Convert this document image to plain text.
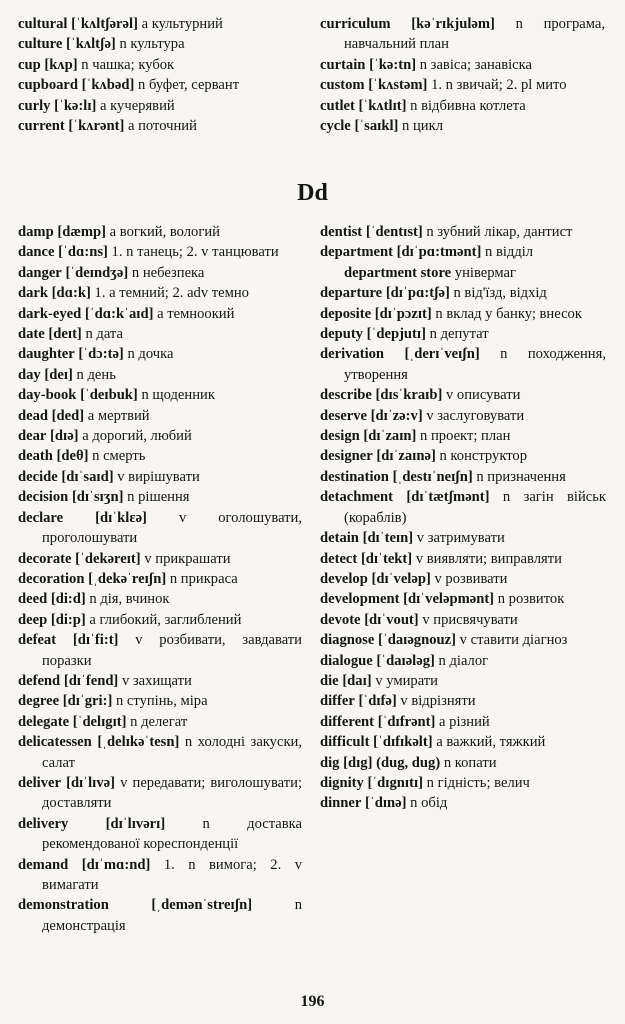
cultural [ˈkʌltʃərəl] a культурний
culture [ˈkʌltʃə] n культура
cup [kʌp] n чашка; кубок
cupboard [ˈkʌbəd] n буфет, сервант
curly [ˈkə:lɪ] a кучерявий
current [ˈkʌrənt] a поточний
curriculum [kəˈrɪkjuləm] n програма, навчальний план
curtain [ˈkə:tn] n завіса; занавіска
custom [ˈkʌstəm] 1. n звичай; 2. pl мито
cutlet [ˈkʌtlɪt] n відбивна котлета
cycle [ˈsaɪkl] n цикл
Dd
damp [dæmp] a вогкий, вологий
dance [ˈdɑ:ns] 1. n танець; 2. v танцювати
danger [ˈdeɪndʒə] n небезпека
dark [dɑ:k] 1. a темний; 2. adv темно
dark-eyed [ˈdɑ:kˈaɪd] a темноокий
date [deɪt] n дата
daughter [ˈdɔ:tə] n дочка
day [deɪ] n день
day-book [ˈdeɪbuk] n щоденник
dead [ded] a мертвий
dear [dɪə] a дорогий, любий
death [deθ] n смерть
decide [dɪˈsaɪd] v вирішувати
decision [dɪˈsɪʒn] n рішення
declare [dɪˈklɛə] v оголошувати, проголошувати
decorate [ˈdekəreɪt] v прикрашати
decoration [ˌdekəˈreɪʃn] n прикраса
deed [di:d] n дія, вчинок
deep [di:p] a глибокий, заглиблений
defeat [dɪˈfi:t] v розбивати, завдавати поразки
defend [dɪˈfend] v захищати
degree [dɪˈgri:] n ступінь, міра
delegate [ˈdelɪgɪt] n делегат
delicatessen [ˌdelɪkəˈtesn] n холодні закуски, салат
deliver [dɪˈlɪvə] v передавати; виголошувати; доставляти
delivery	[dɪˈlɪvərɪ]	n доставка рекомендованої кореспонденції
demand [dɪˈmɑ:nd] 1. n вимога; 2. v вимагати
demonstration	[ˌdemənˈstreɪʃn]	n демонстрація
dentist [ˈdentɪst] n зубний лікар, дантист
department [dɪˈpɑ:tmənt] n відділ
department store універмаг
departure [dɪˈpɑ:tʃə] n від'їзд, відхід
deposite [dɪˈpɔzɪt] n вклад у банку; внесок
deputy [ˈdepjutɪ] n депутат
derivation [ˌderɪˈveɪʃn] n походження, утворення
describe [dɪsˈkraɪb] v описувати
deserve [dɪˈzə:v] v заслуговувати
design [dɪˈzaɪn] n проект; план
designer [dɪˈzaɪnə] n конструктор
destination [ˌdestɪˈneɪʃn] n призначення
detachment [dɪˈtætʃmənt] n загін військ (кораблів)
detain [dɪˈteɪn] v затримувати
detect [dɪˈtekt] v виявляти; виправляти
develop [dɪˈveləp] v розвивати
development [dɪˈveləpmənt] n розвиток
devote [dɪˈvout] v присвячувати
diagnose [ˈdaɪəgnouz] v ставити діагноз
dialogue [ˈdaɪələg] n діалог
die [daɪ] v умирати
differ [ˈdɪfə] v відрізняти
different [ˈdɪfrənt] a різний
difficult [ˈdɪfɪkəlt] a важкий, тяжкий
dig [dɪg] (dug, dug) n копати
dignity [ˈdɪgnɪtɪ] n гідність; велич
dinner [ˈdɪnə] n обід
196
